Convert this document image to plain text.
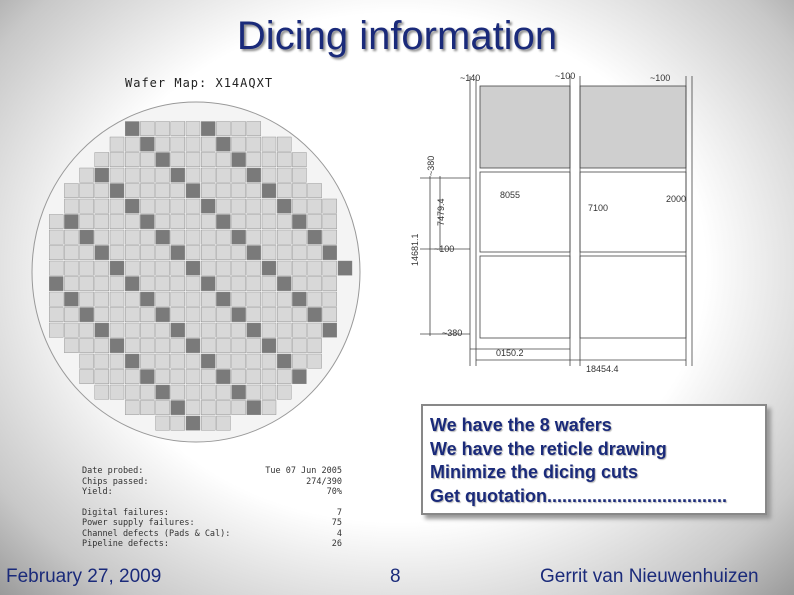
Dicing information
Wafer Map: X14AQXT	~140	~100	~100
8055
7100
2000
0150.2
18454.4
~380
~100
~380
7479.4
14681.1
Date probed:	Tue 07 Jun 2005
Chips passed:	274/390
Yield:	70%
Digital failures:	7
Power supply failures:	75
Channel defects (Pads & Cal):	4
Pipeline defects:	26
We have the 8 wafers
We have the reticle drawing
Minimize the dicing cuts
Get quotation....................................
February 27, 2009	8	Gerrit van Nieuwenhuizen
